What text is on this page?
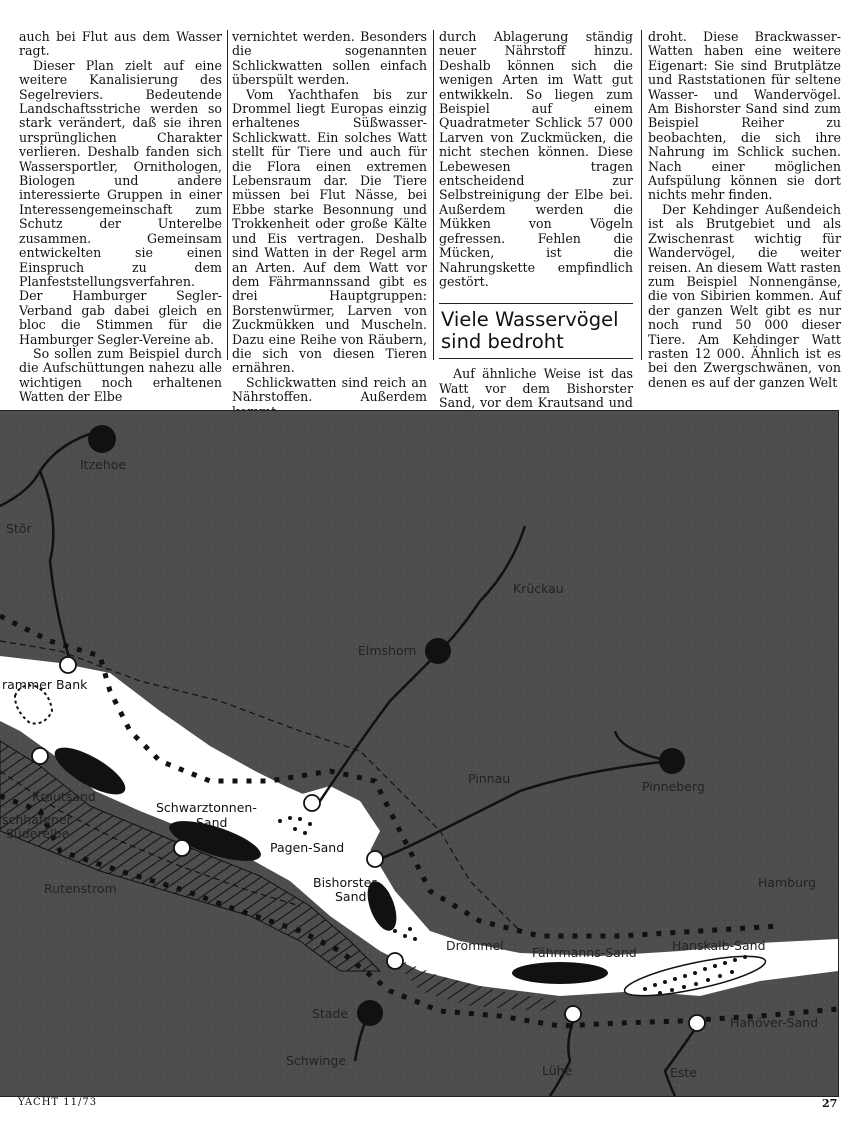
auch bei Flut aus dem Wasser ragt.

Dieser Plan zielt auf eine weitere Kanalisierung des Segelreviers. Bedeutende Landschaftsstriche werden so stark verändert, daß sie ihren ursprünglichen Charakter verlieren. Deshalb fanden sich Wassersportler, Ornithologen, Biologen und andere interessierte Gruppen in einer Interessengemeinschaft zum Schutz der Unterelbe zusammen. Gemeinsam entwickelten sie einen Einspruch zu dem Planfeststellungsverfahren. Der Hamburger Segler-Verband gab dabei gleich en bloc die Stimmen für die Hamburger Segler-Vereine ab.

So sollen zum Beispiel durch die Aufschüttungen nahezu alle wichtigen noch erhaltenen Watten der Elbe

vernichtet werden. Besonders die sogenannten Schlickwatten sollen einfach überspült werden.

Vom Yachthafen bis zur Drommel liegt Europas einzig erhaltenes Süßwasser-Schlickwatt. Ein solches Watt stellt für Tiere und auch für die Flora einen extremen Lebensraum dar. Die Tiere müssen bei Flut Nässe, bei Ebbe starke Besonnung und Trokkenheit oder große Kälte und Eis vertragen. Deshalb sind Watten in der Regel arm an Arten. Auf dem Watt vor dem Fährmannssand gibt es drei Hauptgruppen: Borstenwürmer, Larven von Zuckmükken und Muscheln. Dazu eine Reihe von Räubern, die sich von diesen Tieren ernähren.

Schlickwatten sind reich an Nährstoffen. Außerdem

durch Ablagerung ständig neuer Nährstoff hinzu. Deshalb können sich die wenigen Arten im Watt gut entwikkeln. So liegen zum Beispiel auf einem Quadratmeter Schlick 57 000 Larven von Zuckmücken, die nicht stechen können. Diese Lebewesen tragen entscheidend zur Selbstreinigung der Elbe bei. Außerdem werden die Mükken von Vögeln gefressen. Fehlen die Mücken, ist die Nahrungskette empfindlich gestört.

Viele Wasservögel sind bedroht

Auf ähnliche Weise ist das Watt vor dem Bishorster Sand, vor dem Krautsand und

droht. Diese Brackwasser-Watten haben eine weitere Eigenart: Sie sind Brutplätze und Raststationen für seltene Wasser- und Wandervögel. Am Bishorster Sand sind zum Beispiel Reiher zu beobachten, die sich ihre Nahrung im Schlick suchen. Nach einer möglichen Aufspülung können sie dort nichts mehr finden.

Der Kehdinger Außendeich ist als Brutgebiet und als Zwischenrast wichtig für Wandervögel, die weiter reisen. An diesem Watt rasten zum Beispiel Nonnengänse, die von Sibirien kommen. Auf der ganzen Welt gibt es nur noch rund 50 000 dieser Tiere. Am Kehdinger Watt rasten 12 000. Ähnlich ist es bei den Zwergschwänen, von denen es auf der ganzen Welt

Itzehoe
Stör
Krückau
Elmshorn
rammer Bank
Pinnau
Pinneberg
Krautsand
Schwarztonnen-
Sand
schhafener
Süderelbe
Pagen-Sand
Rutenstrom	Bishorster
Sand
Hamburg
Drommel Fährmanns-Sand	Hanskalb-Sand
Stade
Hanöver-Sand
Schwinge
Lühe	Este
YACHT 11/73	27
